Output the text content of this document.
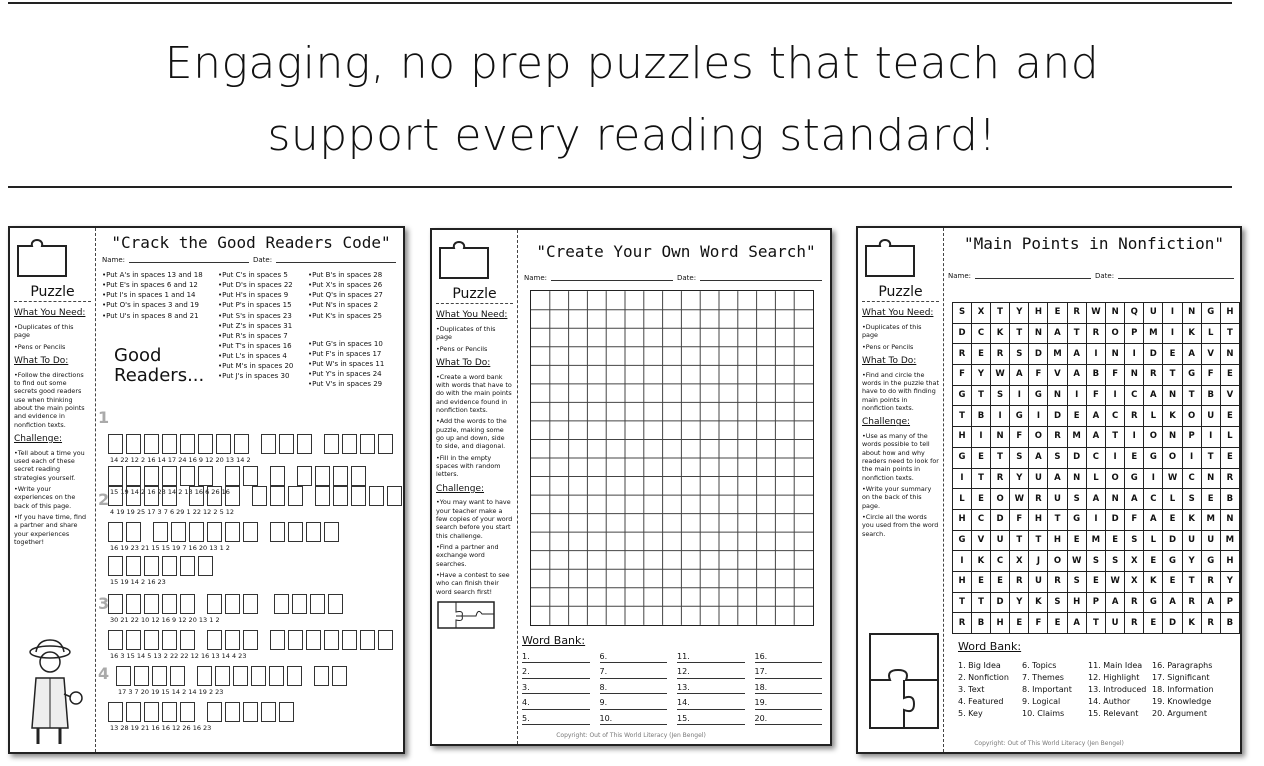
Engaging, no prep puzzles that teach and
support every reading standard!
Puzzle
What You Need:
•Duplicates of this page
•Pens or Pencils
What To Do:
•Follow the directions to find out some secrets good readers use when thinking about the main points and evidence in nonfiction texts.
Challenge:
•Tell about a time you used each of these secret reading strategies yourself.
•Write your experiences on the back of this page.
•If you have time, find a partner and share your experiences together!
"Crack the Good Readers Code"
Name:	Date:
•Put A's in spaces 13 and 18
•Put E's in spaces 6 and 12
•Put I's in spaces 1 and 14
•Put O's in spaces 3 and 19
•Put U's in spaces 8 and 21
•Put C's in spaces 5
•Put D's in spaces 22
•Put H's in spaces 9
•Put P's in spaces 15
•Put S's in spaces 23
•Put Z's in spaces 31
•Put R's in spaces 7
•Put T's in spaces 16
•Put L's in spaces 4
•Put M's in spaces 20
•Put J's in spaces 30
•Put B's in spaces 28
•Put X's in spaces 26
•Put Q's in spaces 27
•Put N's in spaces 2
•Put K's in spaces 25
•Put G's in spaces 10
•Put F's in spaces 17
•Put W's in spaces 11
•Put Y's in spaces 24
•Put V's in spaces 29
Good Readers...
1
14 22 12 2 16 14 17 24 16 9 12 20 13 14 2
15 19 14 2 16 23 14 2 13 16 6 26 16
2
4 19 19 25 17 3 7 6 29 1 22 12 2 5 12
16 19 23 21 15 15 19 7 16 20 13 1 2
15 19 14 2 16 23
3
30 21 22 10 12 16 9 12 20 13 1 2
16 3 15 14 5 13 2 22 22 12 16 13 14 4 23
4
17 3 7 20 19 15 14 2 14 19 2 23
13 28 19 21 16 16 12 26 16 23
Puzzle
What You Need:
•Duplicates of this page
•Pens or Pencils
What To Do:
•Create a word bank with words that have to do with the main points and evidence found in nonfiction texts.
•Add the words to the puzzle, making some go up and down, side to side, and diagonal.
•Fill in the empty spaces with random letters.
Challenge:
•You may want to have your teacher make a few copies of your word search before you start this challenge.
•Find a partner and exchange word searches.
•Have a contest to see who can finish their word search first!
"Create Your Own Word Search"
Name:	Date:
Word Bank:
1.	6.	11.	16.
2.	7.	12.	17.
3.	8.	13.	18.
4.	9.	14.	19.
5.	10.	15.	20.
Copyright: Out of This World Literacy (Jen Bengel)
Puzzle
What You Need:
•Duplicates of this page
•Pens or Pencils
What To Do:
•Find and circle the words in the puzzle that have to do with finding main points in nonfiction texts.
Challenge:
•Use as many of the words possible to tell about how and why readers need to look for the main points in nonfiction texts.
•Write your summary on the back of this page.
•Circle all the words you used from the word search.
"Main Points in Nonfiction"
Name:	Date:
S	X	T	Y	H	E	R	W	N	Q	U	I	N	G	H
D	C	K	T	N	A	T	R	O	P	M	I	K	L	T
R	E	R	S	D	M	A	I	N	I	D	E	A	V	N
F	Y	W	A	F	V	A	B	F	N	R	T	G	F	E
G	T	S	I	G	N	I	F	I	C	A	N	T	B	V
T	B	I	G	I	D	E	A	C	R	L	K	O	U	E
H	I	N	F	O	R	M	A	T	I	O	N	P	I	L
G	E	T	S	A	S	D	C	I	E	G	O	I	T	E
I	T	R	Y	U	A	N	L	O	G	I	W	C	N	R
L	E	O	W	R	U	S	A	N	A	C	L	S	E	B
H	C	D	F	H	T	G	I	D	F	A	E	K	M	N
G	V	U	T	T	H	E	M	E	S	L	D	U	U	M
I	K	C	X	J	O	W	S	S	X	E	G	Y	G	H
H	E	E	R	U	R	S	E	W	X	K	E	T	R	Y
T	T	D	Y	K	S	H	P	A	R	G	A	R	A	P
R	B	H	E	F	E	A	T	U	R	E	D	K	R	B
Word Bank:
1. Big Idea	6. Topics	11. Main Idea	16. Paragraphs
2. Nonfiction	7. Themes	12. Highlight	17. Significant
3. Text	8. Important	13. Introduced 18. Information
4. Featured	9. Logical	14. Author	19. Knowledge
5. Key	10. Claims	15. Relevant	20. Argument
Copyright: Out of This World Literacy (Jen Bengel)
